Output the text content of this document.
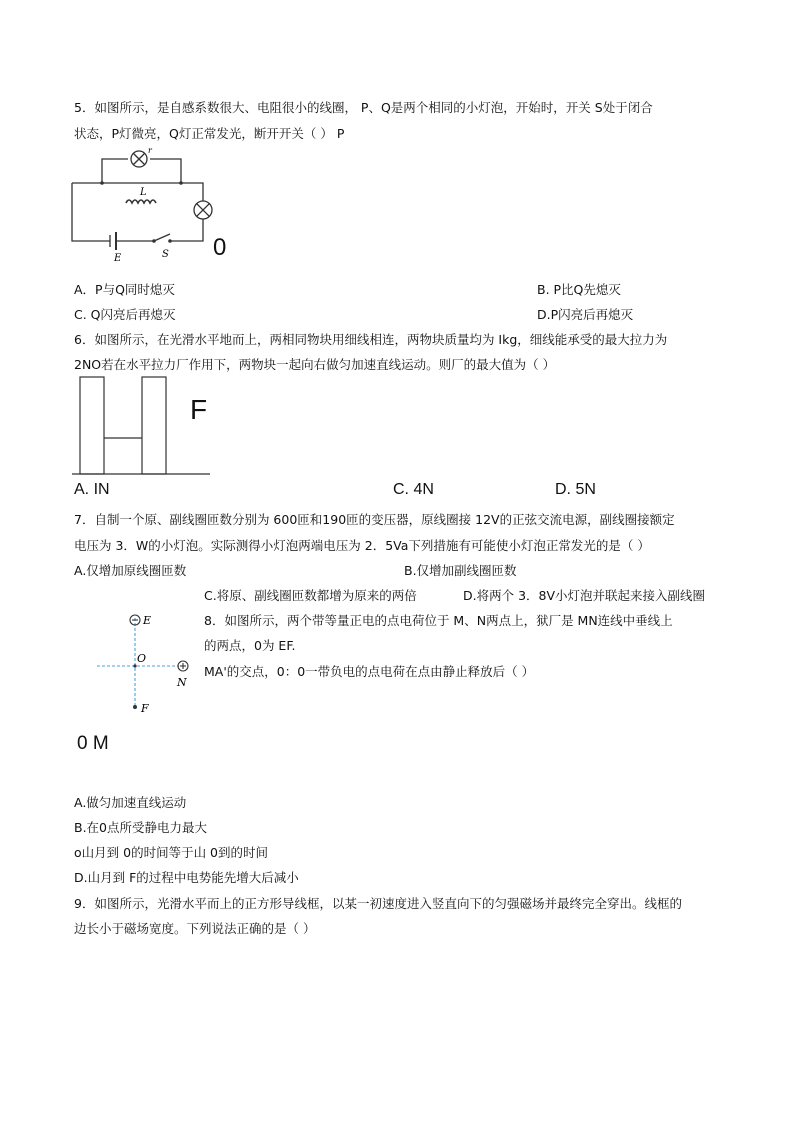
5．如图所示，是自感系数很大、电阻很小的线圈， P、Q是两个相同的小灯泡，开始时，开关 S处于闭合
状态，P灯微亮，Q灯正常发光，断开开关（ ） P
r
L
E	S 0
A．P与Q同时熄灭	B. P比Q先熄灭
C. Q闪亮后再熄灭	D.P闪亮后再熄灭
6．如图所示，在光滑水平地而上，两相同物块用细线相连，两物块质量均为 Ikg，细线能承受的最大拉力为
2NO若在水平拉力厂作用下，两物块一起向右做匀加速直线运动。则厂的最大值为（ ）
F
A. IN	C. 4N	D. 5N
7．自制一个原、副线圈匝数分别为 600匝和190匝的变压器，原线圈接 12V的正弦交流电源，副线圈接额定
电压为 3．W的小灯泡。实际测得小灯泡两端电压为 2．5Va下列措施有可能使小灯泡正常发光的是（ ）
A.仅增加原线圈匝数	B.仅增加副线圈匝数
C.将原、副线圈匝数都增为原来的两倍	D.将两个 3．8V小灯泡并联起来接入副线圈
E
O
N
F
8．如图所示，两个带等量正电的点电荷位于 M、N两点上，狱厂是 MN连线中垂线上
的两点，0为 EF.
MA'的交点，0：0一带负电的点电荷在点由静止释放后（ ）
0 M
A.做匀加速直线运动
B.在0点所受静电力最大
o山月到 0的时间等于山 0到的时间
D.山月到 F的过程中电势能先增大后减小
9．如图所示，光滑水平而上的正方形导线框，以某一初速度进入竖直向下的匀强磁场并最终完全穿出。线框的
边长小于磁场宽度。下列说法正确的是（ ）
